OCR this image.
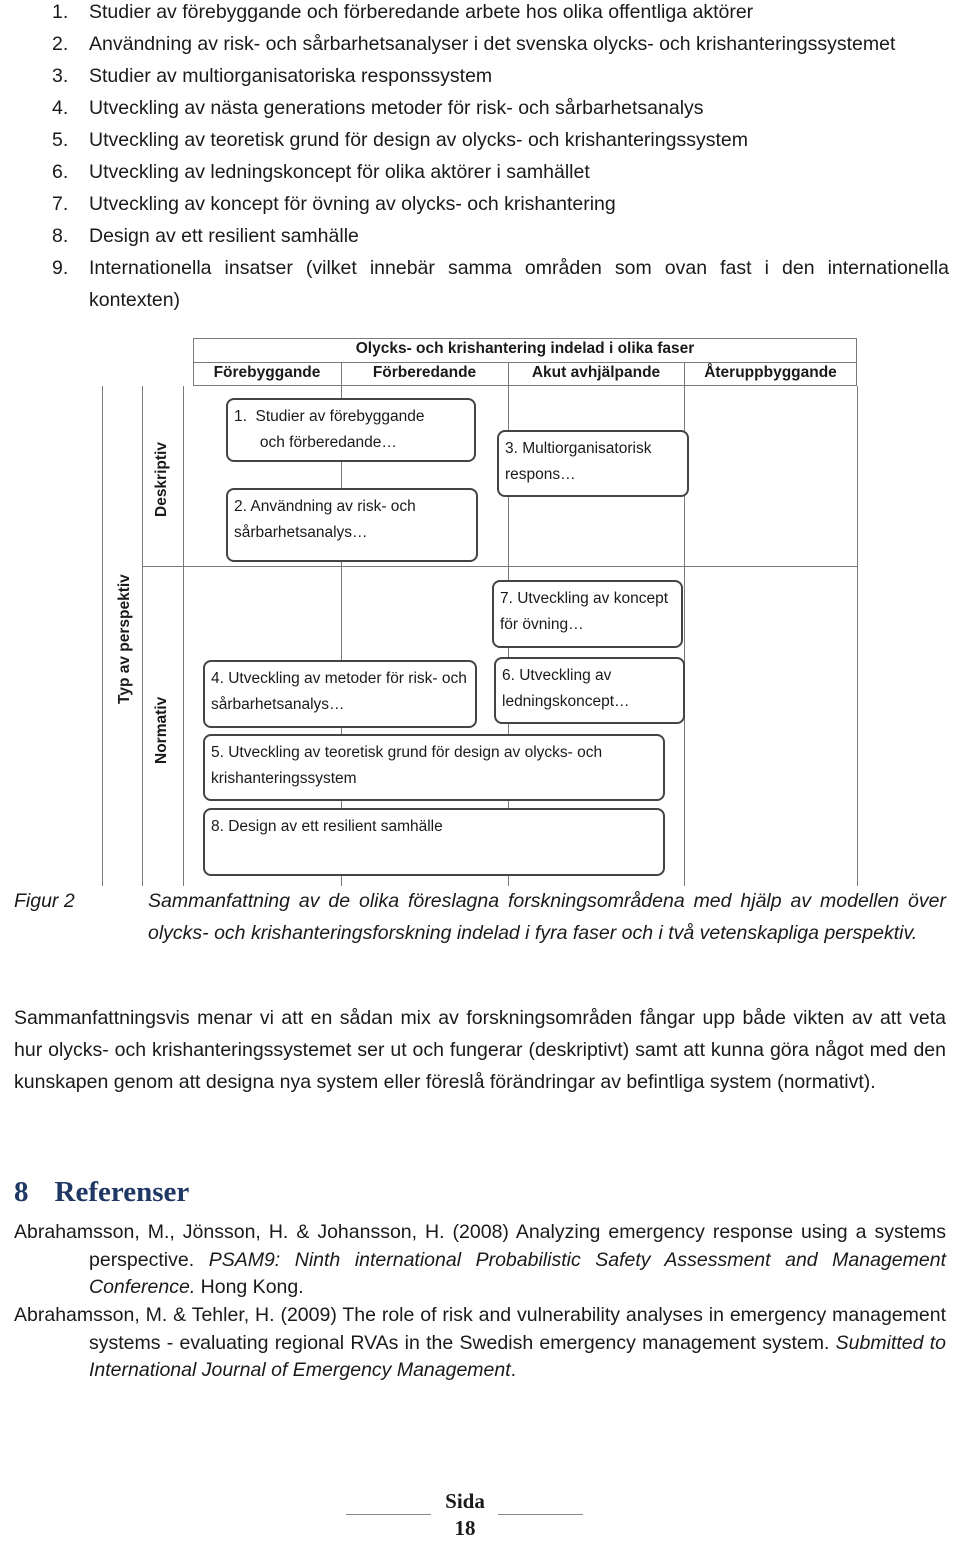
1. Studier av förebyggande och förberedande arbete hos olika offentliga aktörer
2. Användning av risk- och sårbarhetsanalyser i det svenska olycks- och krishanteringssystemet
3. Studier av multiorganisatoriska responssystem
4. Utveckling av nästa generations metoder för risk- och sårbarhetsanalys
5. Utveckling av teoretisk grund för design av olycks- och krishanteringssystem
6. Utveckling av ledningskoncept för olika aktörer i samhället
7. Utveckling av koncept för övning av olycks- och krishantering
8. Design av ett resilient samhälle
9. Internationella insatser (vilket innebär samma områden som ovan fast i den internationella kontexten)
Olycks- och krishantering indelad i olika faser
Förebyggande	Förberedande	Akut avhjälpande	Återuppbyggande
Typ av perspektiv
Deskriptiv
Normativ
1.  Studier av förebyggande
och förberedande…
2. Användning av risk- och sårbarhetsanalys…
3. Multiorganisatorisk respons…
7. Utveckling av koncept för övning…
4. Utveckling av metoder för risk- och sårbarhetsanalys…
6. Utveckling av ledningskoncept…
5. Utveckling av teoretisk grund för design av olycks- och krishanteringssystem
8. Design av ett resilient samhälle
Figur 2	Sammanfattning av de olika föreslagna forskningsområdena med hjälp av modellen över olycks- och krishanteringsforskning indelad i fyra faser och i två vetenskapliga perspektiv.
Sammanfattningsvis menar vi att en sådan mix av forskningsområden fångar upp både vikten av att veta hur olycks- och krishanteringssystemet ser ut och fungerar (deskriptivt) samt att kunna göra något med den kunskapen genom att designa nya system eller föreslå förändringar av befintliga system (normativt).
8 Referenser
Abrahamsson, M., Jönsson, H. & Johansson, H. (2008) Analyzing emergency response using a systems perspective. PSAM9: Ninth international Probabilistic Safety Assessment and Management Conference. Hong Kong.
Abrahamsson, M. & Tehler, H. (2009) The role of risk and vulnerability analyses in emergency management systems - evaluating regional RVAs in the Swedish emergency management system. Submitted to International Journal of Emergency Management.
Sida
18
